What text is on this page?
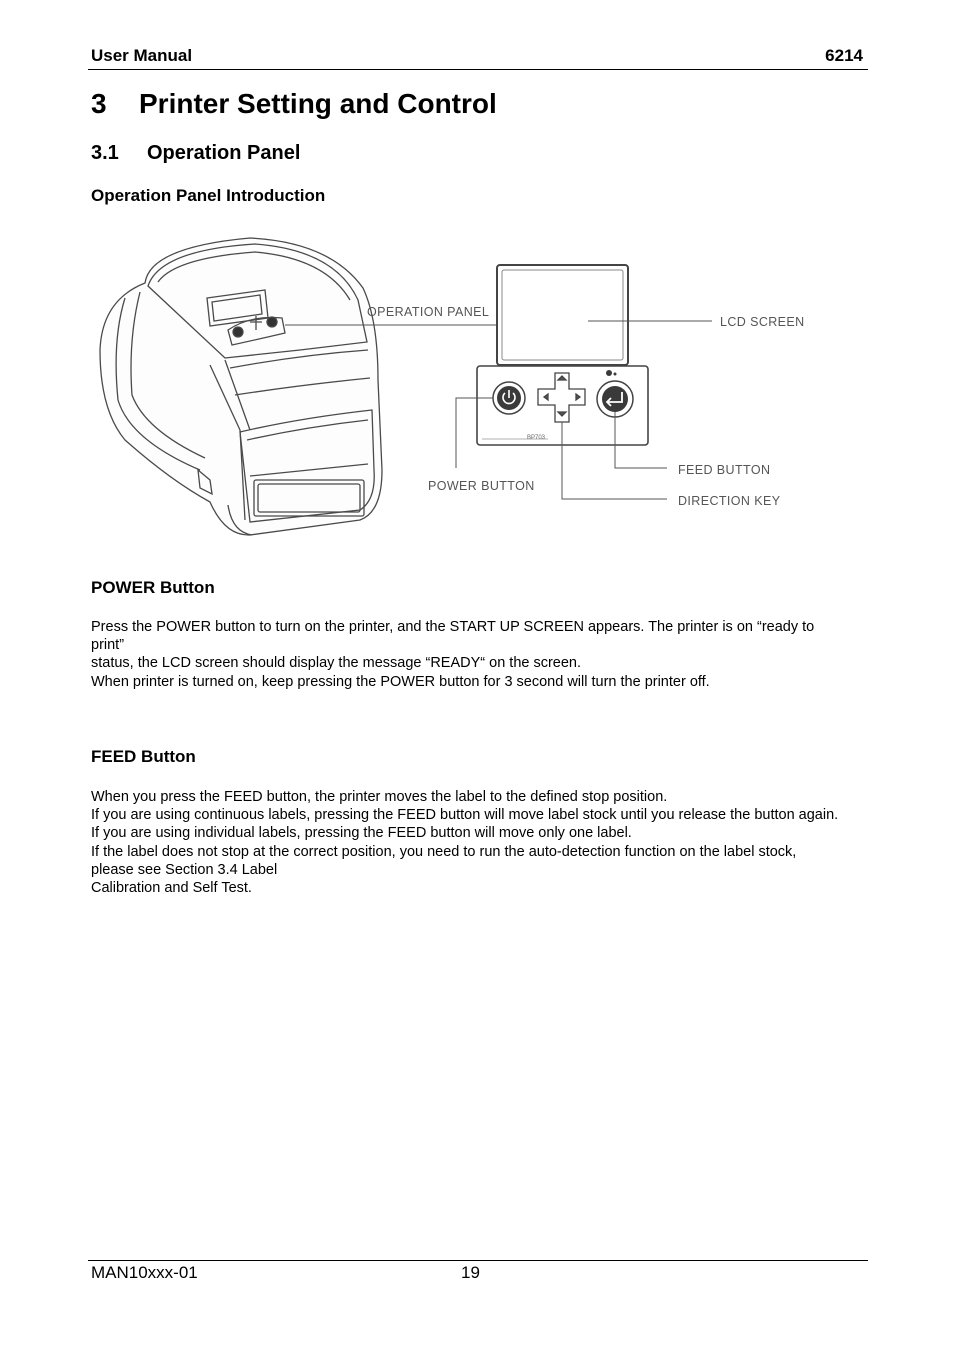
User Manual	6214
3 Printer Setting and Control
3.1 Operation Panel
Operation Panel Introduction
BP703
OPERATION PANEL
LCD SCREEN
POWER BUTTON
FEED BUTTON
DIRECTION KEY
POWER Button

Press the POWER button to turn on the printer, and the START UP SCREEN appears. The printer is on “ready to print”

status, the LCD screen should display the message “READY“ on the screen.

When printer is turned on, keep pressing the POWER button for 3 second will turn the printer off.

FEED Button

When you press the FEED button, the printer moves the label to the defined stop position.

If you are using continuous labels, pressing the FEED button will move label stock until you release the button again.

If you are using individual labels, pressing the FEED button will move only one label.

If the label does not stop at the correct position, you need to run the auto-detection function on the label stock, please see Section 3.4 Label

Calibration and Self Test.

MAN10xxx-01	19
